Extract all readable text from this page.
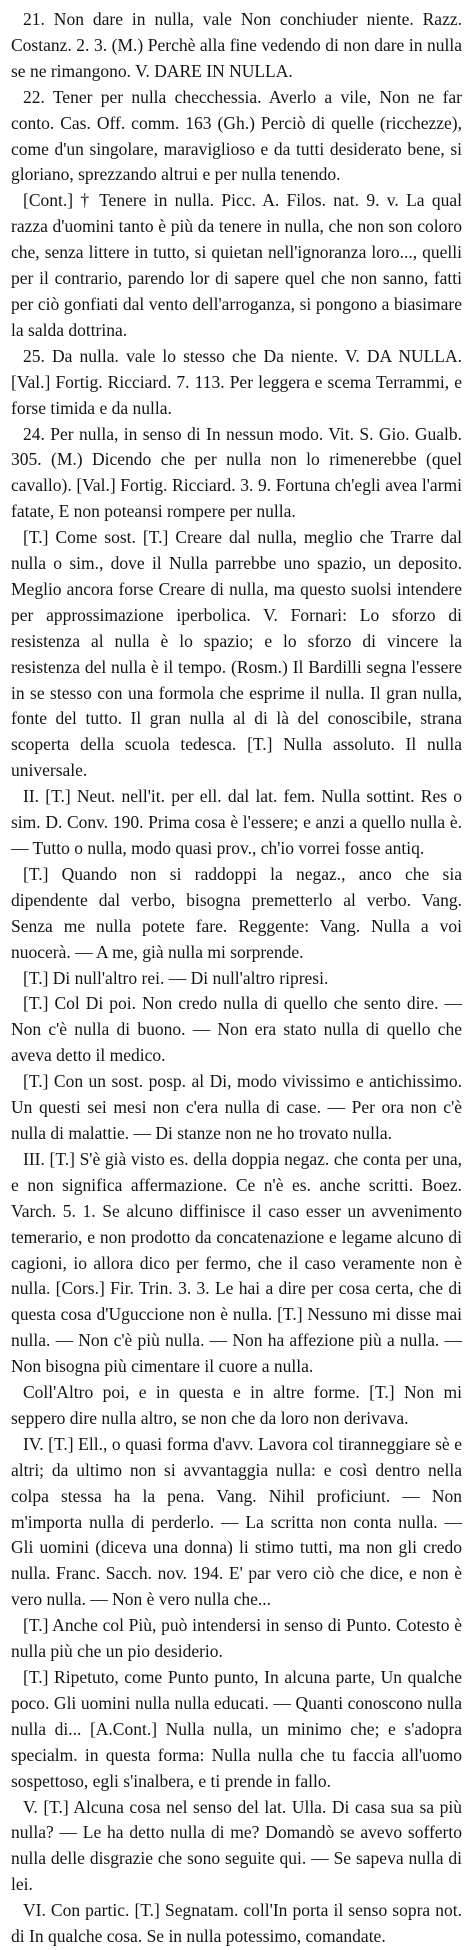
21. Non dare in nulla, vale Non conchiuder niente. Razz. Costanz. 2. 3. (M.) Perchè alla fine vedendo di non dare in nulla se ne rimangono. V. DARE IN NULLA.

22. Tener per nulla checchessia. Averlo a vile, Non ne far conto. Cas. Off. comm. 163 (Gh.) Perciò di quelle (ricchezze), come d'un singolare, maraviglioso e da tutti desiderato bene, si gloriano, sprezzando altrui e per nulla tenendo.

[Cont.] † Tenere in nulla. Picc. A. Filos. nat. 9. v. La qual razza d'uomini tanto è più da tenere in nulla, che non son coloro che, senza littere in tutto, si quietan nell'ignoranza loro..., quelli per il contrario, parendo lor di sapere quel che non sanno, fatti per ciò gonfiati dal vento dell'arroganza, si pongono a biasimare la salda dottrina.

25. Da nulla. vale lo stesso che Da niente. V. DA NULLA. [Val.] Fortig. Ricciard. 7. 113. Per leggera e scema Terrammi, e forse timida e da nulla.

24. Per nulla, in senso di In nessun modo. Vit. S. Gio. Gualb. 305. (M.) Dicendo che per nulla non lo rimenerebbe (quel cavallo). [Val.] Fortig. Ricciard. 3. 9. Fortuna ch'egli avea l'armi fatate, E non poteansi rompere per nulla.

[T.] Come sost. [T.] Creare dal nulla, meglio che Trarre dal nulla o sim., dove il Nulla parrebbe uno spazio, un deposito. Meglio ancora forse Creare di nulla, ma questo suolsi intendere per approssimazione iperbolica. V. Fornari: Lo sforzo di resistenza al nulla è lo spazio; e lo sforzo di vincere la resistenza del nulla è il tempo. (Rosm.) Il Bardilli segna l'essere in se stesso con una formola che esprime il nulla. Il gran nulla, fonte del tutto. Il gran nulla al di là del conoscibile, strana scoperta della scuola tedesca. [T.] Nulla assoluto. Il nulla universale.

II. [T.] Neut. nell'it. per ell. dal lat. fem. Nulla sottint. Res o sim. D. Conv. 190. Prima cosa è l'essere; e anzi a quello nulla è. — Tutto o nulla, modo quasi prov., ch'io vorrei fosse antiq.

[T.] Quando non si raddoppi la negaz., anco che sia dipendente dal verbo, bisogna premetterlo al verbo. Vang. Senza me nulla potete fare. Reggente: Vang. Nulla a voi nuocerà. — A me, già nulla mi sorprende.

[T.] Di null'altro rei. — Di null'altro ripresi.

[T.] Col Di poi. Non credo nulla di quello che sento dire. — Non c'è nulla di buono. — Non era stato nulla di quello che aveva detto il medico.

[T.] Con un sost. posp. al Di, modo vivissimo e antichissimo. Un questi sei mesi non c'era nulla di case. — Per ora non c'è nulla di malattie. — Di stanze non ne ho trovato nulla.

III. [T.] S'è già visto es. della doppia negaz. che conta per una, e non significa affermazione. Ce n'è es. anche scritti. Boez. Varch. 5. 1. Se alcuno diffinisce il caso esser un avvenimento temerario, e non prodotto da concatenazione e legame alcuno di cagioni, io allora dico per fermo, che il caso veramente non è nulla. [Cors.] Fir. Trin. 3. 3. Le hai a dire per cosa certa, che di questa cosa d'Uguccione non è nulla. [T.] Nessuno mi disse mai nulla. — Non c'è più nulla. — Non ha affezione più a nulla. — Non bisogna più cimentare il cuore a nulla.

Coll'Altro poi, e in questa e in altre forme. [T.] Non mi seppero dire nulla altro, se non che da loro non derivava.

IV. [T.] Ell., o quasi forma d'avv. Lavora col tiranneggiare sè e altri; da ultimo non si avvantaggia nulla: e così dentro nella colpa stessa ha la pena. Vang. Nihil proficiunt. — Non m'importa nulla di perderlo. — La scritta non conta nulla. — Gli uomini (diceva una donna) li stimo tutti, ma non gli credo nulla. Franc. Sacch. nov. 194. E' par vero ciò che dice, e non è vero nulla. — Non è vero nulla che...

[T.] Anche col Più, può intendersi in senso di Punto. Cotesto è nulla più che un pio desiderio.

[T.] Ripetuto, come Punto punto, In alcuna parte, Un qualche poco. Gli uomini nulla nulla educati. — Quanti conoscono nulla nulla di... [A.Cont.] Nulla nulla, un minimo che; e s'adopra specialm. in questa forma: Nulla nulla che tu faccia all'uomo sospettoso, egli s'inalbera, e ti prende in fallo.

V. [T.] Alcuna cosa nel senso del lat. Ulla. Di casa sua sa più nulla? — Le ha detto nulla di me? Domandò se avevo sofferto nulla delle disgrazie che sono seguite qui. — Se sapeva nulla di lei.

VI. Con partic. [T.] Segnatam. coll'In porta il senso sopra not. di In qualche cosa. Se in nulla potessimo, comandate.
